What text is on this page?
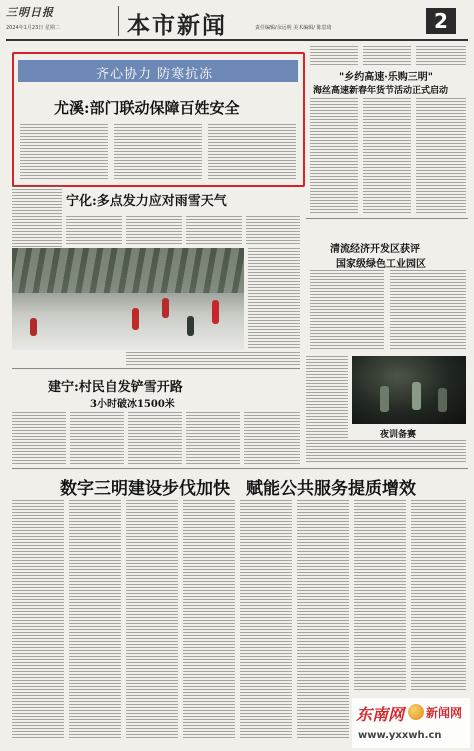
三明日报
2024年1月23日 星期二	本市新闻	责任编辑/余远明 美术编辑/ 陈思琦	2
齐心协力 防寒抗冻
尤溪:部门联动保障百姓安全
"乡约高速·乐购三明"
海丝高速新春年货节活动正式启动
宁化:多点发力应对雨雪天气
建宁:村民自发铲雪开路
3小时破冰1500米
清流经济开发区获评
国家级绿色工业园区
夜训备赛
数字三明建设步伐加快 赋能公共服务提质增效
东南网 新闻网
www.yxxwh.cn
